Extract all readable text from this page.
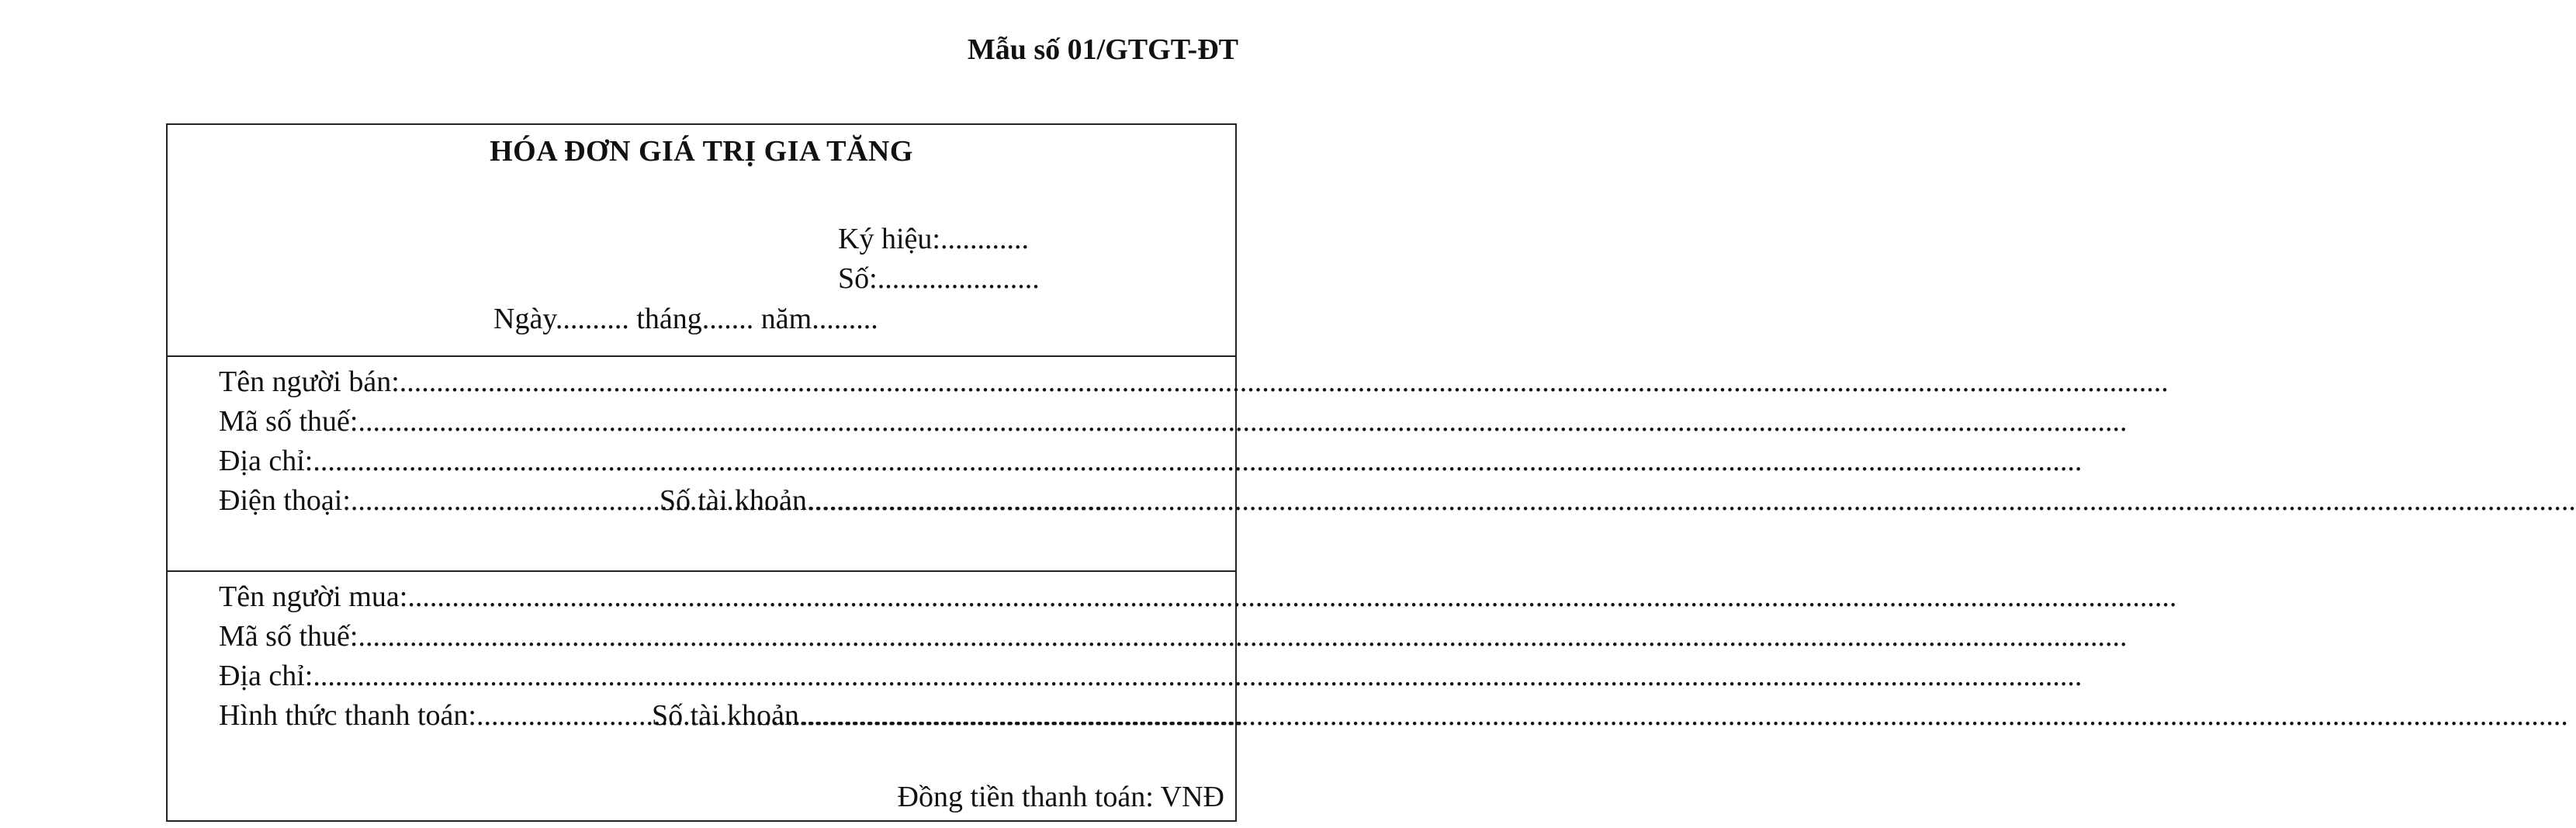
Mẫu số 01/GTGT-ĐT
HÓA ĐƠN GIÁ TRỊ GIA TĂNG
Ký hiệu:............
Số:......................
Ngày.......... tháng....... năm.........
Tên người bán:
.....
Mã số thuế:
.....
Địa chỉ:
.....
Điện thoại: .....	Số tài khoản
.....
Tên người mua:
.....
Mã số thuế:
.....
Địa chỉ:
.....
Hình thức thanh toán: .....	Số tài khoản
.....
Đồng tiền thanh toán: VNĐ
